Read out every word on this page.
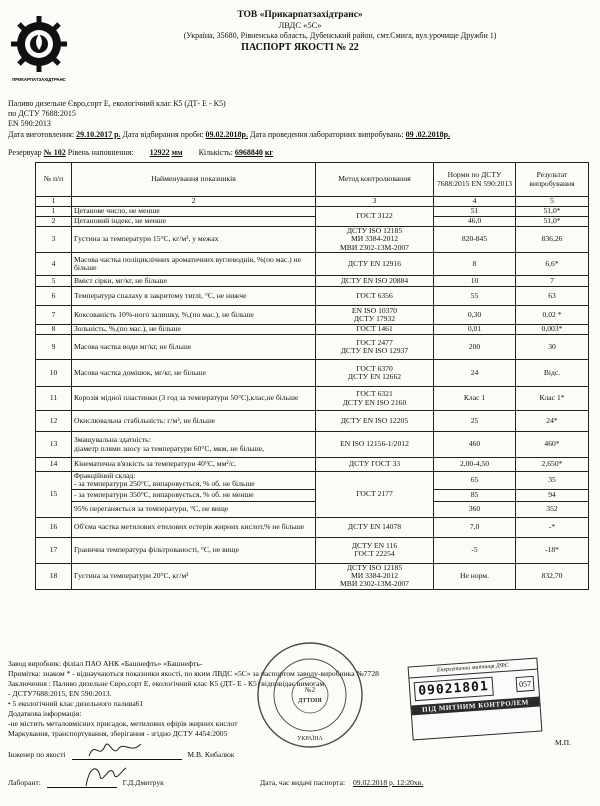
ПРИКАРПАТЗАХІДТРАНС
ТОВ «Прикарпатзахідтранс»
ЛВДС «5С»
(Україна, 35680, Рівненська область, Дубенський район, смт.Смига, вул.урочище Дружби 1)
ПАСПОРТ ЯКОСТІ № 22
Паливо дизельне Євро,сорт Е, екологічний клас К5 (ДТ- Е - К5)
по ДСТУ 7688:2015
EN 590:2013
Дата виготовлення: 29.10.2017 р. Дата відбирання проби: 09.02.2018р. Дата проведення лабораторних випробувань: 09 .02.2018р.
Резервуар № 102 Рівень наповнення: 12922 мм Кількість: 6968840 кг
№ п/п	Найменування показників	Метод контролювання	Норми по ДСТУ 7688:2015 EN 590:2013	Результат випробування
1	2	3	4	5
1	Цетанове число, не менше	ГОСТ 3122	51	51,0*
2	Цетановий індекс, не менше		46,0	51,0*
3	Густина за температури 15°С, кг/м³, у межах	ДСТУ ISO 12185
МИ 3384-2012
МВИ 2302-13М-2007	820-845	836,26
4	Масова частка поліциклічних ароматичних вуглеводнів, %(по мас.) не більше	ДСТУ EN 12916	8	6,6*
5	Вміст сірки, мг/кг, не більше	ДСТУ EN ISO 20884	10	7
6	Температура спалаху в закритому тиглі, °С, не нижче	ГОСТ 6356	55	63
7	Коксованість 10%-ного залишку, %,(по мас.), не більше	EN ISO 10370
ДСТУ 17932	0,30	0,02 *
8	Зольність, %,(по мас.), не більше	ГОСТ 1461	0,01	0,003*
9	Масова частка води мг/кг, не більше	ГОСТ 2477
ДСТУ EN ISO 12937	200	30
10	Масова частка домішок, мг/кг, не більше	ГОСТ 6370
ДСТУ EN 12662	24	Відс.
11	Корозія мідної пластинки (3 год за температури 50°С),клас,не більше	ГОСТ 6321
ДСТУ EN ISO 2160	Клас 1	Клас 1*
12	Окислювальна стабільність: г/м³, не більше	ДСТУ EN ISO 12205	25	24*
13	Змащувальна здатність:
діаметр плями зносу за температури 60°С, мкм, не більше,	EN ISO 12156-1/2012	460	460*
14	Кінематична в'язкість за температури 40°С, мм²/с,	ДСТУ ГОСТ 33	2,00-4,50	2,650*
15	Фракційний склад:
- за температури 250°С, випаровується, % об. не більше	ГОСТ 2177	65	35
	- за температури 350°С, випаровується, % об. не менше		85	94
	95% переганяється за температури, °С, не вище		360	352
16	Об'єма частка метилових етилових естерів жирних кислот,% не більше	ДСТУ EN 14078	7,0	-*
17	Гранична температура фільтрованості, °С, не вище	ДСТУ EN 116
ГОСТ 22254	-5	-18*
18	Густина за температури 20°С, кг/м³	ДСТУ ISO 12185
МИ 3384-2012
МВИ 2302-13М-2007	Не норм.	832,70
Завод виробник: філіал ПАО АНК «Башнефть» «Башнефть-
Примітка: знаком * - віднаучаються показники якості, по яким ЛВДС «5С» за паспортом заводу-виробника №7728
Заключення : Паливо дизельне Євро,сорт Е, екологічний клас К5 (ДТ- Е - К5) відповідає вимогам
- ДСТУ7688:2015, EN 590:2013.
• 5 екологічний клас дизельного палива61
Додаткова інформація:
-не містить металовмісних присадок, метилових ефірів жирних кислот
Маркування, транспортування, зберігання - згідно ДСТУ 4454:2005
Інженер по якості	М.В. Кибалюк
Лаборант:	Г.Д.Дмитрук	Дата, час видачі паспорта: 09.02.2018 р. 12:20хв.
М.П.
№2
ДТТОІЯ
УКРАЇНА
Енергетична митниця ДФС
09021801	057
ПІД МИТНИМ КОНТРОЛЕМ
